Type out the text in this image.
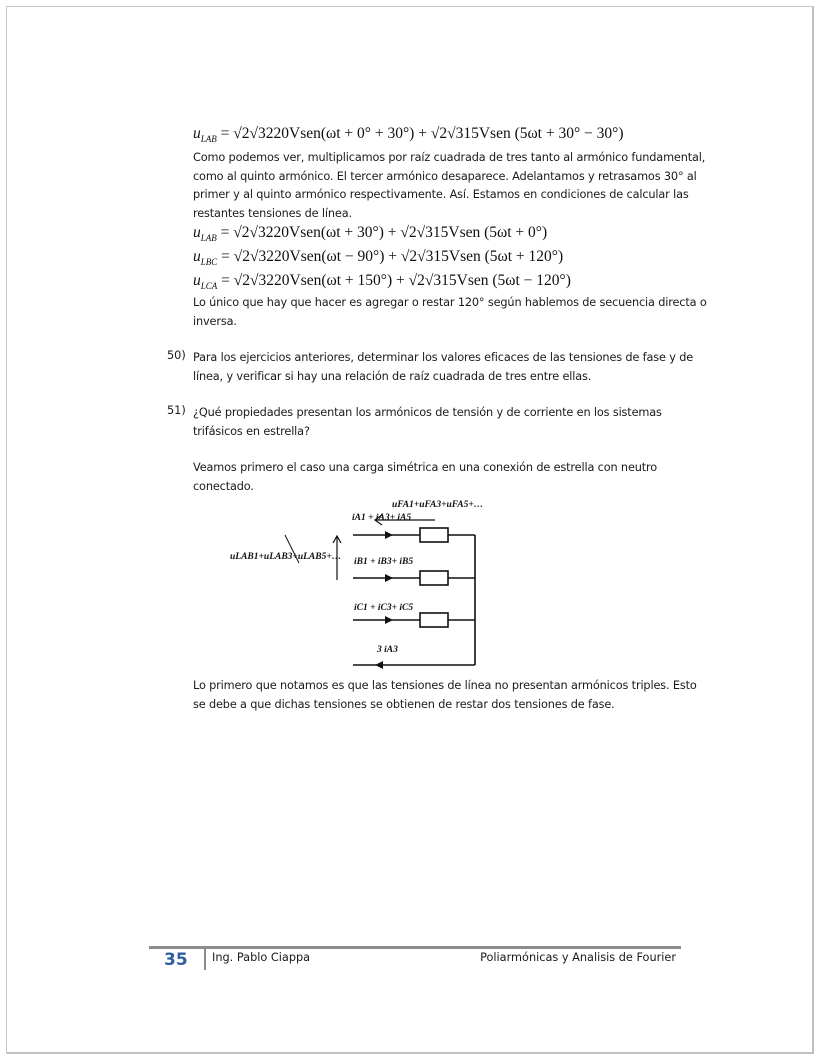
$u_{LAB}$ = √2√3220Vsen(ωt + 0° + 30°) + √2√315Vsen (5ωt + 30° − 30°)
Como podemos ver, multiplicamos por raíz cuadrada de tres tanto al armónico fundamental,
como al quinto armónico. El tercer armónico desaparece. Adelantamos y retrasamos 30° al
primer y al quinto armónico respectivamente. Así. Estamos en condiciones de calcular las
restantes tensiones de línea.
$u_{LAB}$ = √2√3220Vsen(ωt + 30°) + √2√315Vsen (5ωt + 0°)
$u_{LBC}$ = √2√3220Vsen(ωt − 90°) + √2√315Vsen (5ωt + 120°)
$u_{LCA}$ = √2√3220Vsen(ωt + 150°) + √2√315Vsen (5ωt − 120°)
Lo único que hay que hacer es agregar o restar 120° según hablemos de secuencia directa o
inversa.
50) Para los ejercicios anteriores, determinar los valores eficaces de las tensiones de fase y de
línea, y verificar si hay una relación de raíz cuadrada de tres entre ellas.
51) ¿Qué propiedades presentan los armónicos de tensión y de corriente en los sistemas
trifásicos en estrella?
Veamos primero el caso una carga simétrica en una conexión de estrella con neutro
conectado.
uFA1+uFA3+uFA5+…
iA1 + iA3+ iA5
uLAB1+uLAB3+uLAB5+… iB1 + iB3+ iB5
iC1 + iC3+ iC5
3 iA3
Lo primero que notamos es que las tensiones de línea no presentan armónicos triples. Esto
se debe a que dichas tensiones se obtienen de restar dos tensiones de fase.
35 Ing. Pablo Ciappa	Poliarmónicas y Analisis de Fourier
